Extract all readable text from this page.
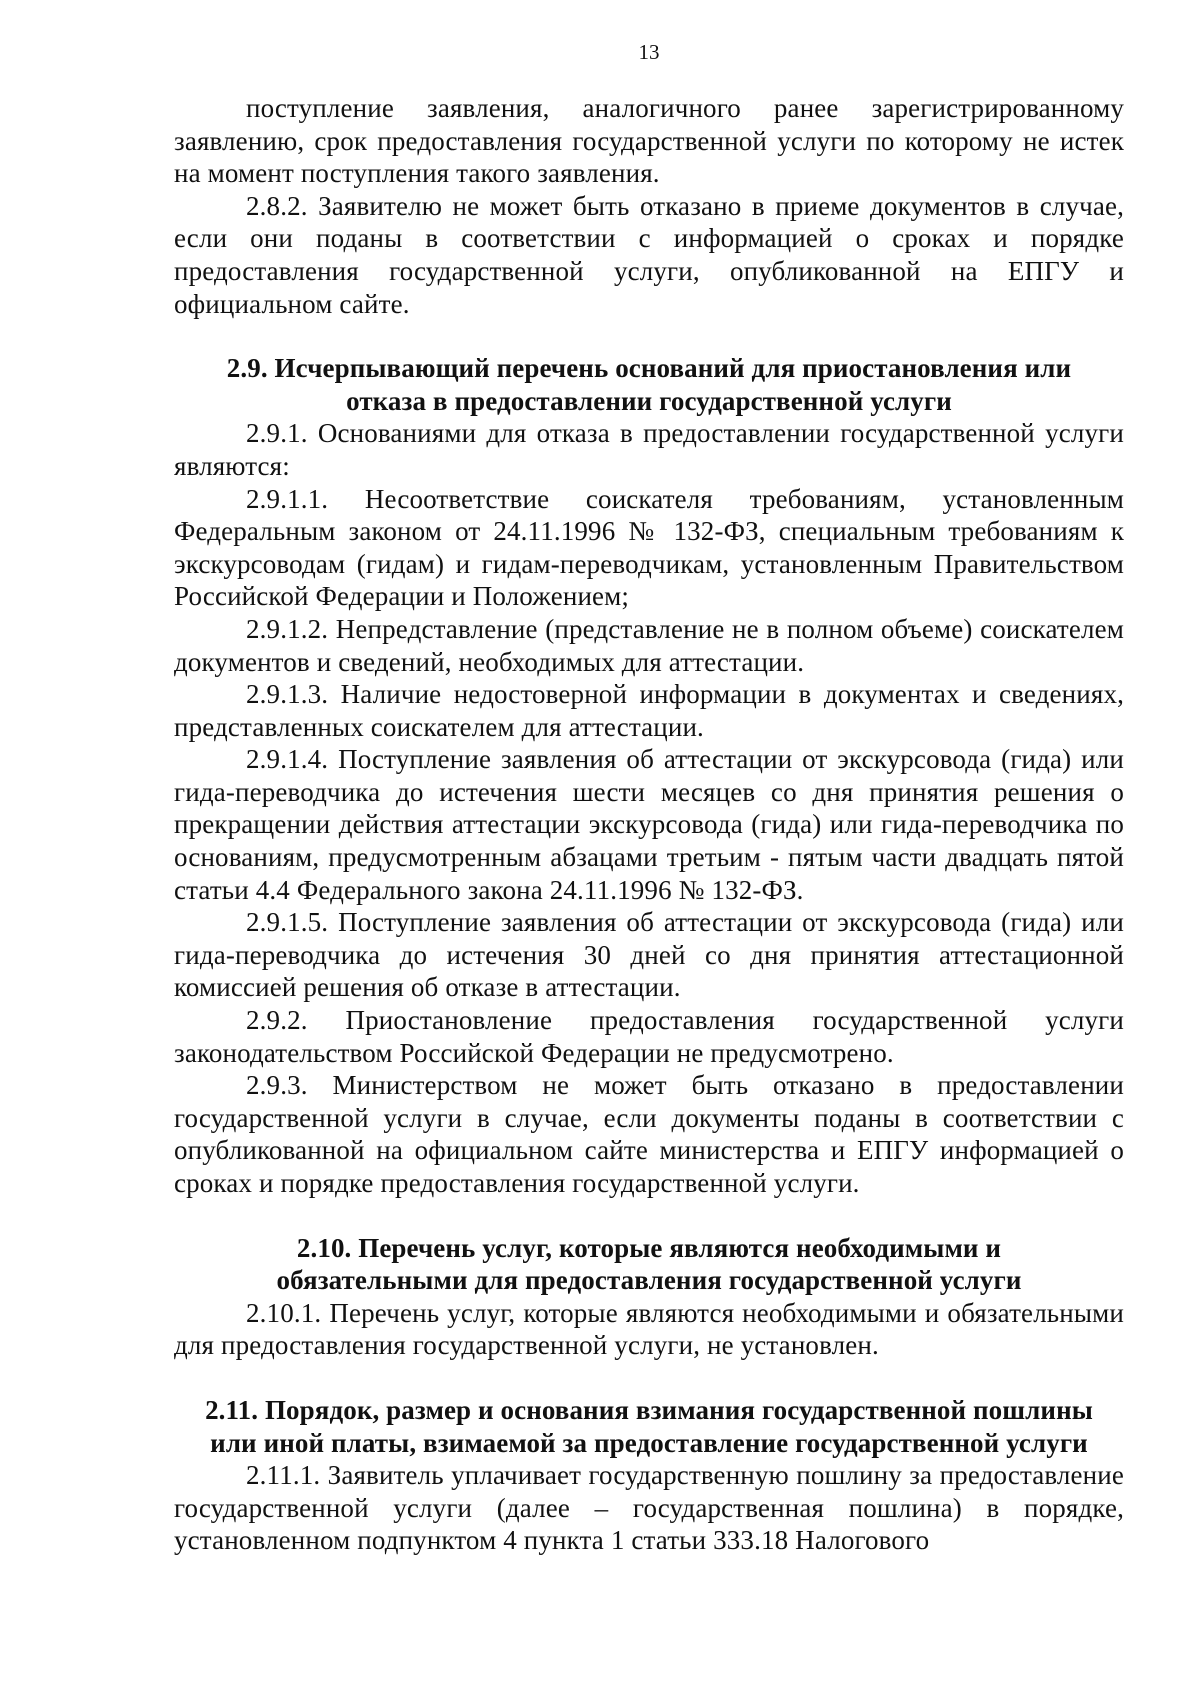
13

поступление заявления, аналогичного ранее зарегистрированному заявлению, срок предоставления государственной услуги по которому не истек на момент поступления такого заявления.

2.8.2. Заявителю не может быть отказано в приеме документов в случае, если они поданы в соответствии с информацией о сроках и порядке предоставления государственной услуги, опубликованной на ЕПГУ и официальном сайте.

2.9. Исчерпывающий перечень оснований для приостановления или отказа в предоставлении государственной услуги

2.9.1. Основаниями для отказа в предоставлении государственной услуги являются:

2.9.1.1. Несоответствие соискателя требованиям, установленным Федеральным законом от 24.11.1996 № 132-ФЗ, специальным требованиям к экскурсоводам (гидам) и гидам-переводчикам, установленным Правительством Российской Федерации и Положением;

2.9.1.2. Непредставление (представление не в полном объеме) соискателем документов и сведений, необходимых для аттестации.

2.9.1.3. Наличие недостоверной информации в документах и сведениях, представленных соискателем для аттестации.

2.9.1.4. Поступление заявления об аттестации от экскурсовода (гида) или гида-переводчика до истечения шести месяцев со дня принятия решения о прекращении действия аттестации экскурсовода (гида) или гида-переводчика по основаниям, предусмотренным абзацами третьим - пятым части двадцать пятой статьи 4.4 Федерального закона 24.11.1996 № 132-ФЗ.

2.9.1.5. Поступление заявления об аттестации от экскурсовода (гида) или гида-переводчика до истечения 30 дней со дня принятия аттестационной комиссией решения об отказе в аттестации.

2.9.2. Приостановление предоставления государственной услуги законодательством Российской Федерации не предусмотрено.

2.9.3. Министерством не может быть отказано в предоставлении государственной услуги в случае, если документы поданы в соответствии с опубликованной на официальном сайте министерства и ЕПГУ информацией о сроках и порядке предоставления государственной услуги.

2.10. Перечень услуг, которые являются необходимыми и

обязательными для предоставления государственной услуги

2.10.1. Перечень услуг, которые являются необходимыми и обязательными для предоставления государственной услуги, не установлен.

2.11. Порядок, размер и основания взимания государственной пошлины

или иной платы, взимаемой за предоставление государственной услуги

2.11.1. Заявитель уплачивает государственную пошлину за предоставление государственной услуги (далее – государственная пошлина) в порядке, установленном подпунктом 4 пункта 1 статьи 333.18 Налогового
